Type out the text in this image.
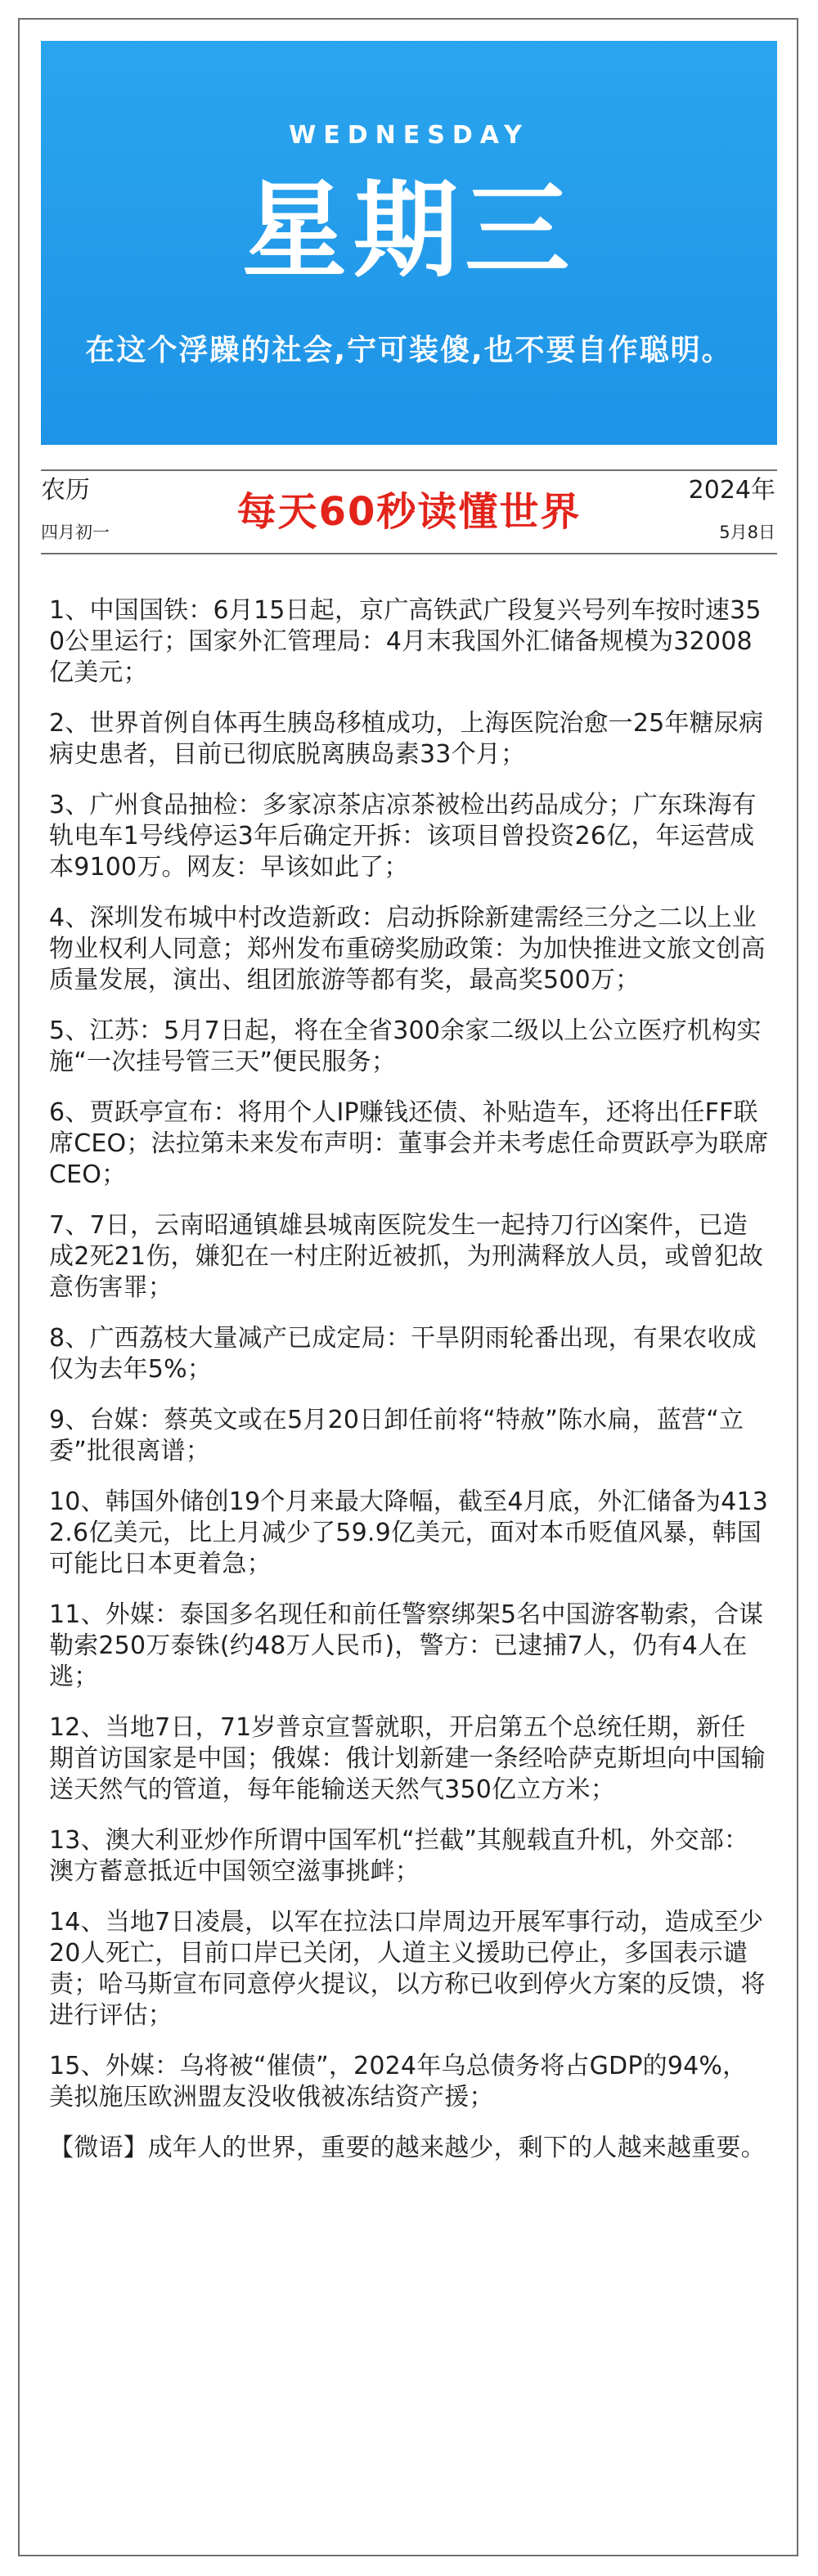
WEDNESDAY
星期三
在这个浮躁的社会,宁可装傻,也不要自作聪明。
农历
四月初一	每天60秒读懂世界	2024年
5月8日

1、中国国铁：6月15日起，京广高铁武广段复兴号列车按时速350公里运行；国家外汇管理局：4月末我国外汇储备规模为32008亿美元；

2、世界首例自体再生胰岛移植成功，上海医院治愈一25年糖尿病病史患者，目前已彻底脱离胰岛素33个月；

3、广州食品抽检：多家凉茶店凉茶被检出药品成分；广东珠海有轨电车1号线停运3年后确定开拆：该项目曾投资26亿，年运营成本9100万。网友：早该如此了；

4、深圳发布城中村改造新政：启动拆除新建需经三分之二以上业物业权利人同意；郑州发布重磅奖励政策：为加快推进文旅文创高质量发展，演出、组团旅游等都有奖，最高奖500万；

5、江苏：5月7日起，将在全省300余家二级以上公立医疗机构实施“一次挂号管三天”便民服务；

6、贾跃亭宣布：将用个人IP赚钱还债、补贴造车，还将出任FF联席CEO；法拉第未来发布声明：董事会并未考虑任命贾跃亭为联席CEO；

7、7日，云南昭通镇雄县城南医院发生一起持刀行凶案件，已造成2死21伤，嫌犯在一村庄附近被抓，为刑满释放人员，或曾犯故意伤害罪；

8、广西荔枝大量减产已成定局：干旱阴雨轮番出现，有果农收成仅为去年5%；

9、台媒：蔡英文或在5月20日卸任前将“特赦”陈水扁，蓝营“立委”批很离谱；

10、韩国外储创19个月来最大降幅，截至4月底，外汇储备为4132.6亿美元，比上月减少了59.9亿美元，面对本币贬值风暴，韩国可能比日本更着急；

11、外媒：泰国多名现任和前任警察绑架5名中国游客勒索，合谋勒索250万泰铢(约48万人民币)，警方：已逮捕7人，仍有4人在逃；

12、当地7日，71岁普京宣誓就职，开启第五个总统任期，新任期首访国家是中国；俄媒：俄计划新建一条经哈萨克斯坦向中国输送天然气的管道，每年能输送天然气350亿立方米；

13、澳大利亚炒作所谓中国军机“拦截”其舰载直升机，外交部：澳方蓄意抵近中国领空滋事挑衅；

14、当地7日凌晨，以军在拉法口岸周边开展军事行动，造成至少20人死亡，目前口岸已关闭，人道主义援助已停止，多国表示谴责；哈马斯宣布同意停火提议，以方称已收到停火方案的反馈，将进行评估；

15、外媒：乌将被“催债”，2024年乌总债务将占GDP的94%，美拟施压欧洲盟友没收俄被冻结资产援；

【微语】成年人的世界，重要的越来越少，剩下的人越来越重要。
